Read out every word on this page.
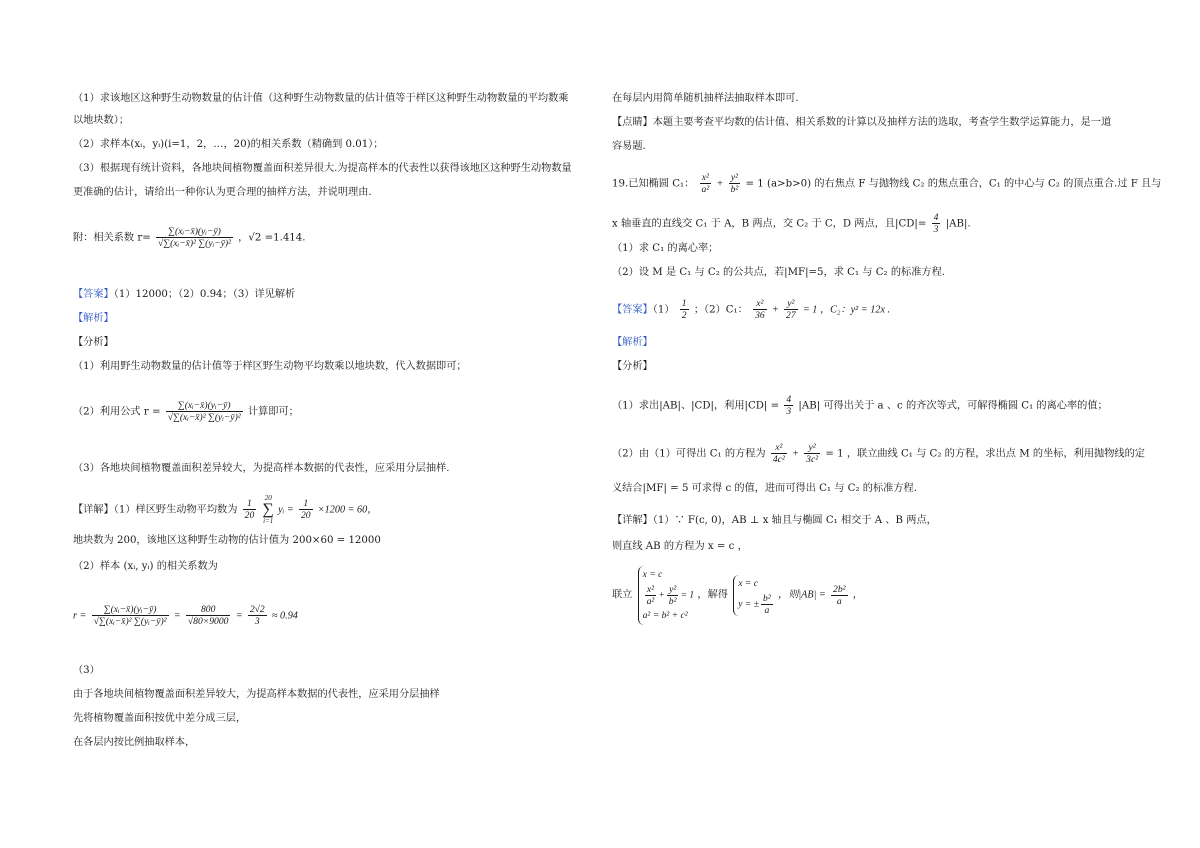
（1）求该地区这种野生动物数量的估计值（这种野生动物数量的估计值等于样区这种野生动物数量的平均数乘
以地块数）；
（2）求样本(xᵢ，yᵢ)(i=1，2，…，20)的相关系数（精确到 0.01）；
（3）根据现有统计资料，各地块间植物覆盖面积差异很大.为提高样本的代表性以获得该地区这种野生动物数量
更准确的估计，请给出一种你认为更合理的抽样方法，并说明理由.
附：相关系数 $r= \frac{\text{∑(xᵢ−x̄)(yᵢ−ȳ)}}{\text{√∑(xᵢ−x̄)² ∑(yᵢ−ȳ)²}}$ ，√2 =1.414.
【答案】（1）12000；（2）0.94；（3）详见解析
【解析】
【分析】
（1）利用野生动物数量的估计值等于样区野生动物平均数乘以地块数，代入数据即可；
（2）利用公式 $r = \frac{\text{∑(xᵢ−x̄)(yᵢ−ȳ)}}{\text{√∑(xᵢ−x̄)² ∑(yᵢ−ȳ)²}}$ 计算即可；
（3）各地块间植物覆盖面积差异较大，为提高样本数据的代表性，应采用分层抽样.
【详解】（1）样区野生动物平均数为 $\frac{1}{20} 20$
∑
i=1 yᵢ = $\frac{1}{20} \times 1200 = 60$，
地块数为 200，该地区这种野生动物的估计值为 200×60 = 12000
（2）样本 (xᵢ, yᵢ) 的相关系数为
$r = \frac{\text{∑(xᵢ−x̄)(yᵢ−ȳ)}}{\text{√∑(xᵢ−x̄)² ∑(yᵢ−ȳ)²}} = \frac{800}{√80\times 9000} = \frac{2√2}{3} \approx 0.94$
（3）
由于各地块间植物覆盖面积差异较大，为提高样本数据的代表性，应采用分层抽样
先将植物覆盖面积按优中差分成三层，
在各层内按比例抽取样本，
在每层内用简单随机抽样法抽取样本即可.
【点睛】本题主要考查平均数的估计值、相关系数的计算以及抽样方法的选取，考查学生数学运算能力，是一道
容易题.
19.已知椭圆 C₁： $\frac{\text{x²}}{\text{a²}} + \frac{\text{y²}}{\text{b²}} = 1$ (a>b>0) 的右焦点 F 与抛物线 C₂ 的焦点重合，C₁ 的中心与 C₂ 的顶点重合.过 F 且与
x 轴垂直的直线交 C₁ 于 A，B 两点，交 C₂ 于 C，D 两点，且$|CD|= \frac{4}{3} |AB|$.
（1）求 C₁ 的离心率；
（2）设 M 是 C₁ 与 C₂ 的公共点，若|MF|=5，求 C₁ 与 C₂ 的标准方程.
【答案】$(1) \frac{1}{2}$ ；（2）C₁： $\frac{\text{x²}}{36} + \frac{\text{y²}}{27} = 1$ ，C₂：y² = 12x .
【解析】
【分析】
（1）求出|AB|、|CD|，利用$|CD| = \frac{4}{3} |AB|$ 可得出关于 a 、c 的齐次等式，可解得椭圆 C₁ 的离心率的值；
（2）由（1）可得出 C₁ 的方程为 $\frac{\text{x²}}{\text{4c²}} + \frac{\text{y²}}{\text{3c²}} = 1$ ，联立曲线 C₁ 与 C₂ 的方程，求出点 M 的坐标，利用抛物线的定
义结合|MF| = 5 可求得 c 的值，进而可得出 C₁ 与 C₂ 的标准方程.
【详解】（1）∵ F(c, 0)，AB ⊥ x 轴且与椭圆 C₁ 相交于 A 、B 两点，
则直线 AB 的方程为 x = c ，
联立
x = c
$\frac{\text{x²}}{\text{a²}} + \frac{\text{y²}}{\text{b²}} = 1$
a² = b² + c²
，解得
x = c
y = ± $\frac{\text{b²}}{a}$ ，则$|AB| = \frac{\text{2b²}}{a}$ ，
